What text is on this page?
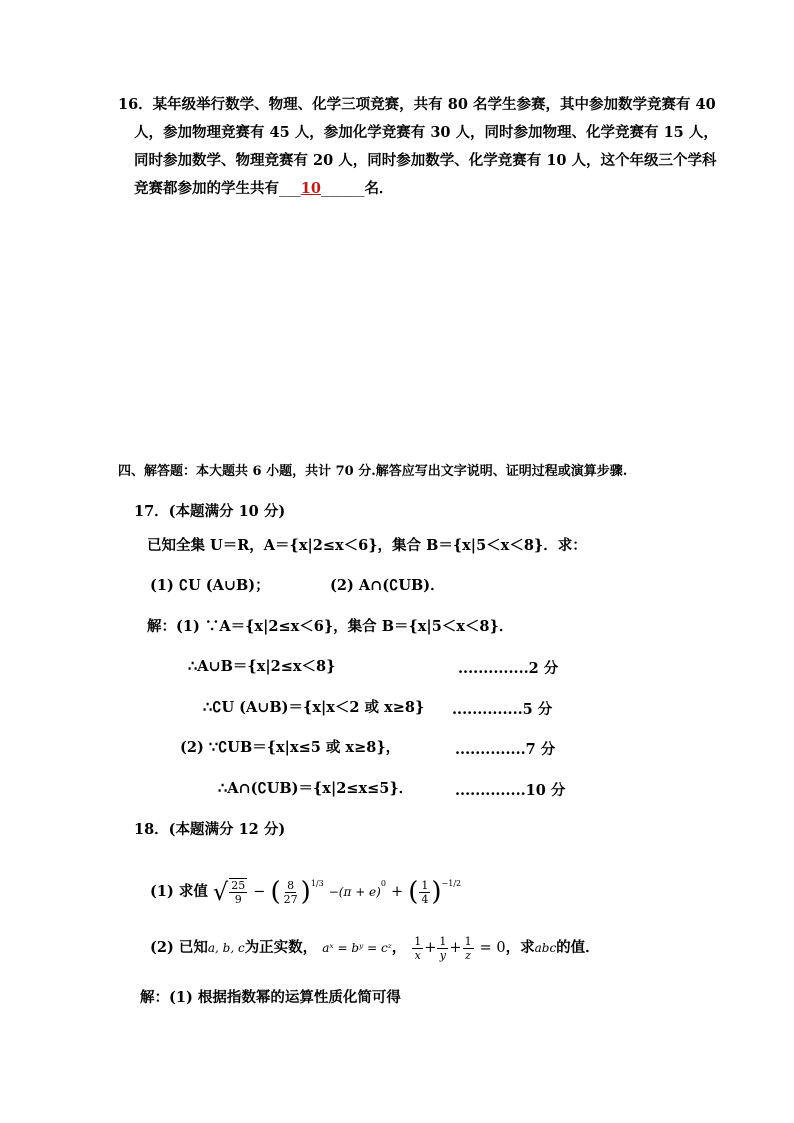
16．某年级举行数学、物理、化学三项竞赛，共有 80 名学生参赛，其中参加数学竞赛有 40
人，参加物理竞赛有 45 人，参加化学竞赛有 30 人，同时参加物理、化学竞赛有 15 人，
同时参加数学、物理竞赛有 20 人，同时参加数学、化学竞赛有 10 人，这个年级三个学科
竞赛都参加的学生共有___10______名．
四、解答题：本大题共 6 小题，共计 70 分.解答应写出文字说明、证明过程或演算步骤.
17．(本题满分 10 分)
已知全集 U＝R，A＝{x|2≤x＜6}，集合 B＝{x|5＜x＜8}．求：
(1) ∁U (A∪B)；	(2) A∩(∁UB)．
解：(1) ∵A＝{x|2≤x＜6}，集合 B＝{x|5＜x＜8}．
∴A∪B＝{x|2≤x＜8}	..............2 分
∴∁U (A∪B)＝{x|x＜2 或 x≥8} ..............5 分
(2) ∵∁UB＝{x|x≤5 或 x≥8}，	..............7 分
∴A∩(∁UB)＝{x|2≤x≤5}．	..............10 分
18．(本题满分 12 分)
(1) 求值 √ $\frac{25}{9}$ − ( $\frac{8}{27} )^{1/3} -(\pi + e)^0$ + ( $\frac{1}{4} )^{-1/2}$
(2) 已知a, b, c为正实数， aˣ = bʸ = cᶻ， $\frac{1}{x} + \frac{1}{y} + \frac{1}{z} = 0$，求abc的值．
解：(1) 根据指数幂的运算性质化简可得
